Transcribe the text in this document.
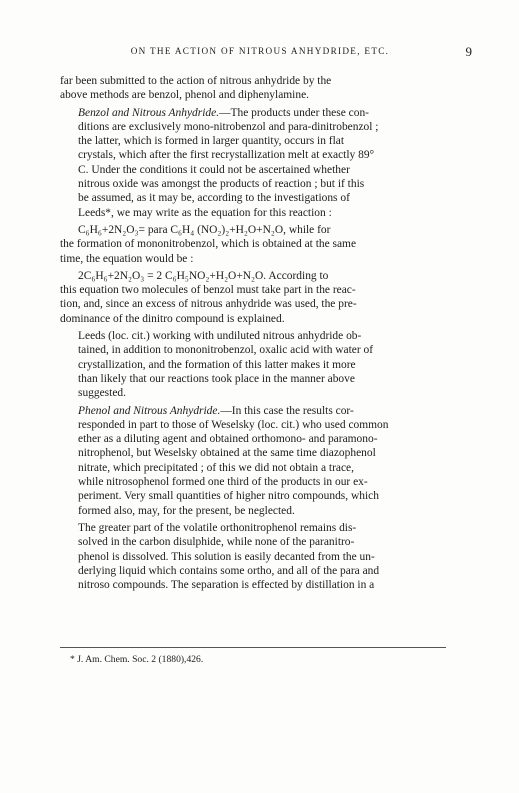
ON THE ACTION OF NITROUS ANHYDRIDE, ETC.	9

far been submitted to the action of nitrous anhydride by the
above methods are benzol, phenol and diphenylamine.

Benzol and Nitrous Anhydride.—The products under these con-
ditions are exclusively mono-nitrobenzol and para-dinitrobenzol ;
the latter, which is formed in larger quantity, occurs in flat
crystals, which after the first recrystallization melt at exactly 89°
C. Under the conditions it could not be ascertained whether
nitrous oxide was amongst the products of reaction ; but if this
be assumed, as it may be, according to the investigations of
Leeds*, we may write as the equation for this reaction :

C₆H₆+2N₂O₃= para C₆H₄ (NO₂)₂+H₂O+N₂O, while for
the formation of mononitrobenzol, which is obtained at the same
time, the equation would be :

2C₆H₆+2N₂O₃ = 2 C₆H₅NO₂+H₂O+N₂O. According to
this equation two molecules of benzol must take part in the reac-
tion, and, since an excess of nitrous anhydride was used, the pre-
dominance of the dinitro compound is explained.

Leeds (loc. cit.) working with undiluted nitrous anhydride ob-
tained, in addition to mononitrobenzol, oxalic acid with water of
crystallization, and the formation of this latter makes it more
than likely that our reactions took place in the manner above
suggested.

Phenol and Nitrous Anhydride.—In this case the results cor-
responded in part to those of Weselsky (loc. cit.) who used common
ether as a diluting agent and obtained orthomono- and paramono-
nitrophenol, but Weselsky obtained at the same time diazophenol
nitrate, which precipitated ; of this we did not obtain a trace,
while nitrosophenol formed one third of the products in our ex-
periment. Very small quantities of higher nitro compounds, which
formed also, may, for the present, be neglected.

The greater part of the volatile orthonitrophenol remains dis-
solved in the carbon disulphide, while none of the paranitro-
phenol is dissolved. This solution is easily decanted from the un-
derlying liquid which contains some ortho, and all of the para and
nitroso compounds. The separation is effected by distillation in a

* J. Am. Chem. Soc. 2 (1880),426.
